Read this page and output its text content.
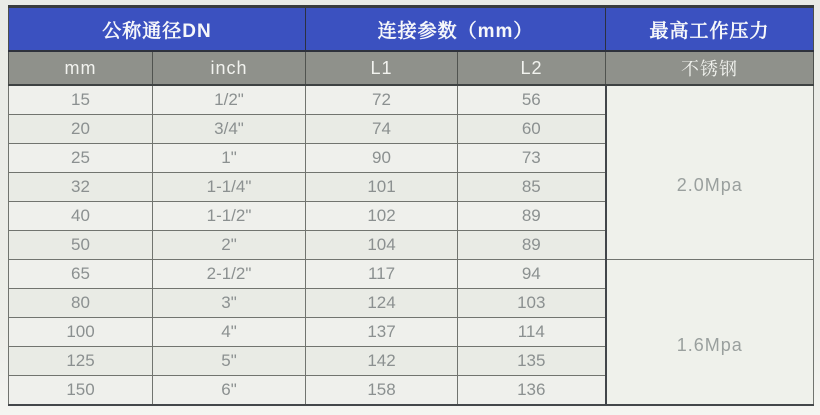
公称通径DN		连接参数（mm）		最高工作压力
mm	inch	L1	L2	不锈钢
15	1/2"	72	56	2.0Mpa
20	3/4"	74	60	
25	1"	90	73	
32	1-1/4"	101	85	
40	1-1/2"	102	89	
50	2"	104	89	
65	2-1/2"	117	94	1.6Mpa
80	3"	124	103	
100	4"	137	114	
125	5"	142	135	
150	6"	158	136	
